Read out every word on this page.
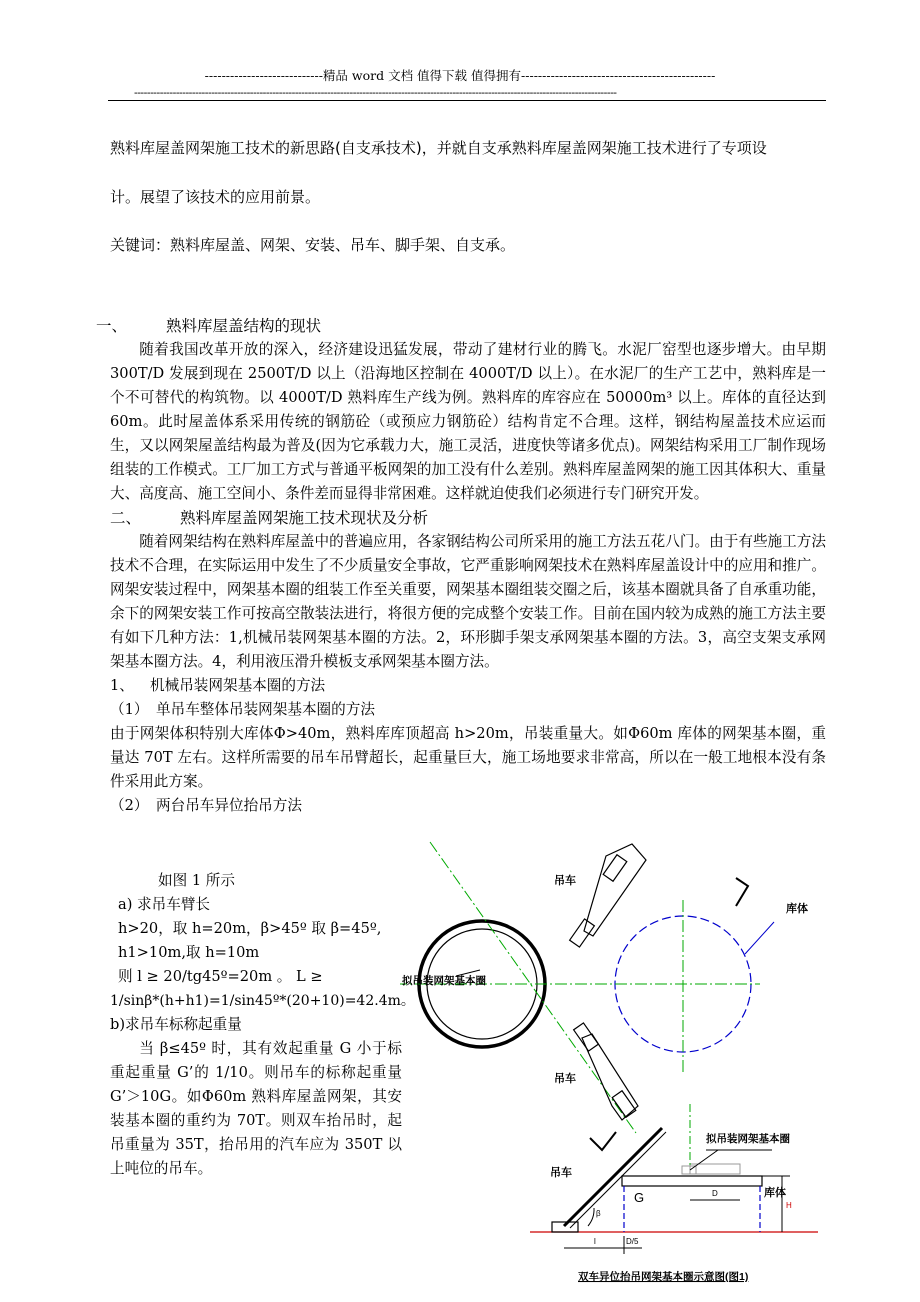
----------------------------精品 word 文档 值得下载 值得拥有----------------------------------------------
------------------------------------------------------------------------------------------------------------------------------------------------------
熟料库屋盖网架施工技术的新思路(自支承技术)，并就自支承熟料库屋盖网架施工技术进行了专项设
计。展望了该技术的应用前景。
关键词：熟料库屋盖、网架、安装、吊车、脚手架、自支承。

一、	熟料库屋盖结构的现状

随着我国改革开放的深入，经济建设迅猛发展，带动了建材行业的腾飞。水泥厂窑型也逐步增大。由早期 300T/D 发展到现在 2500T/D 以上（沿海地区控制在 4000T/D 以上）。在水泥厂的生产工艺中，熟料库是一个不可替代的构筑物。以 4000T/D 熟料库生产线为例。熟料库的库容应在 50000m³ 以上。库体的直径达到 60m。此时屋盖体系采用传统的钢筋砼（或预应力钢筋砼）结构肯定不合理。这样，钢结构屋盖技术应运而生，又以网架屋盖结构最为普及(因为它承载力大，施工灵活，进度快等诸多优点)。网架结构采用工厂制作现场组装的工作模式。工厂加工方式与普通平板网架的加工没有什么差别。熟料库屋盖网架的施工因其体积大、重量大、高度高、施工空间小、条件差而显得非常困难。这样就迫使我们必须进行专门研究开发。

二、	熟料库屋盖网架施工技术现状及分析

随着网架结构在熟料库屋盖中的普遍应用，各家钢结构公司所采用的施工方法五花八门。由于有些施工方法技术不合理，在实际运用中发生了不少质量安全事故，它严重影响网架技术在熟料库屋盖设计中的应用和推广。网架安装过程中，网架基本圈的组装工作至关重要，网架基本圈组装交圈之后，该基本圈就具备了自承重功能，余下的网架安装工作可按高空散装法进行，将很方便的完成整个安装工作。目前在国内较为成熟的施工方法主要有如下几种方法：1,机械吊装网架基本圈的方法。2，环形脚手架支承网架基本圈的方法。3，高空支架支承网架基本圈方法。4，利用液压滑升模板支承网架基本圈方法。

1、 机械吊装网架基本圈的方法

（1） 单吊车整体吊装网架基本圈的方法

由于网架体积特别大库体Φ>40m，熟料库库顶超高 h>20m，吊装重量大。如Φ60m 库体的网架基本圈，重量达 70T 左右。这样所需要的吊车吊臂超长，起重量巨大，施工场地要求非常高，所以在一般工地根本没有条件采用此方案。

（2） 两台吊车异位抬吊方法

如图 1 所示
a) 求吊车臂长
h>20，取 h=20m，β>45º 取 β=45º,
h1>10m,取 h=10m
则 l ≥ 20/tg45º=20m 。 L ≥
1/sinβ*(h+h1)=1/sin45º*(20+10)=42.4m。
b)求吊车标称起重量
当 β≤45º 时，其有效起重量 G 小于标重起重量 G’的 1/10。则吊车的标称起重量 G’＞10G。如Φ60m 熟料库屋盖网架，其安装基本圈的重约为 70T。则双车抬吊时，起吊重量为 35T，抬吊用的汽车应为 350T 以上吨位的吊车。
吊车
库体
拟吊装网架基本圈
吊车
拟吊装网架基本圈
吊车
库体
G
H
l	D/5
D
β
双车异位抬吊网架基本圈示意图(图1)
